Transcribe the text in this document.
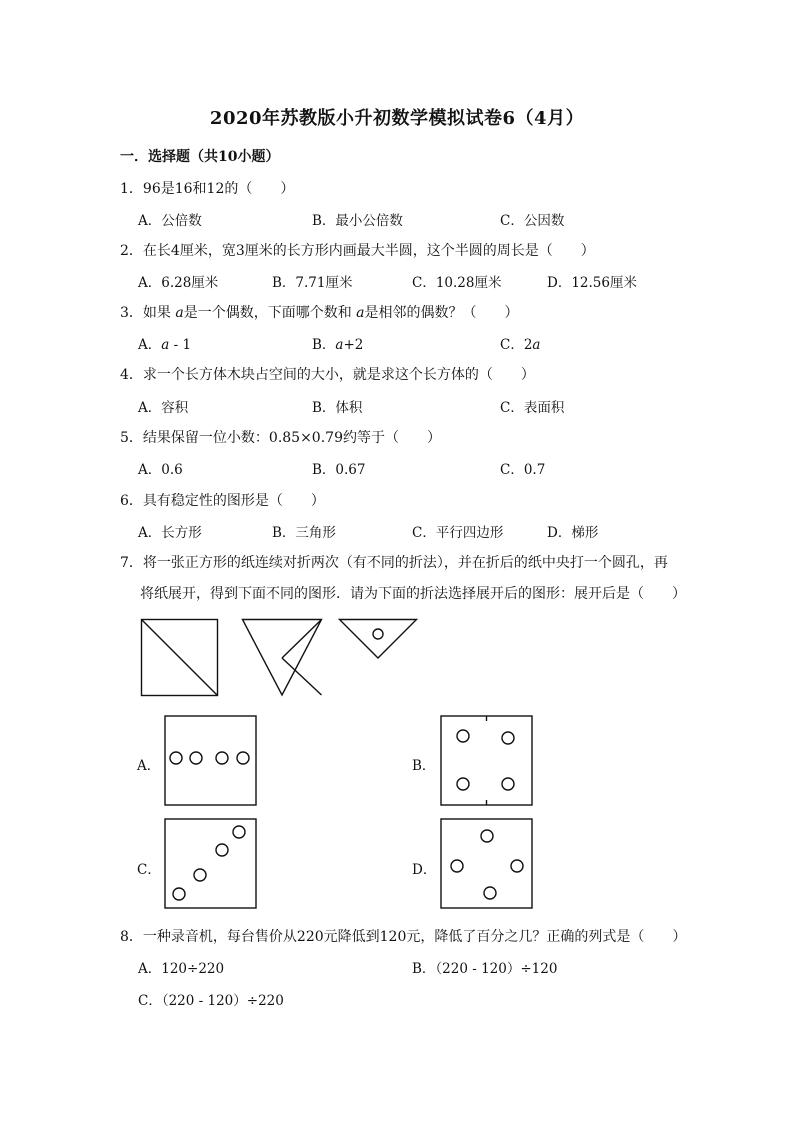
2020年苏教版小升初数学模拟试卷6（4月）
一．选择题（共10小题）
1．96是16和12的（　　）
A．公倍数	B．最小公倍数	C．公因数
2．在长4厘米，宽3厘米的长方形内画最大半圆，这个半圆的周长是（　　）
A．6.28厘米	B．7.71厘米	C．10.28厘米	D．12.56厘米
3．如果 a是一个偶数，下面哪个数和 a是相邻的偶数？（　　）
A．a - 1	B．a+2	C．2a
4．求一个长方体木块占空间的大小，就是求这个长方体的（　　）
A．容积	B．体积	C．表面积
5．结果保留一位小数：0.85×0.79约等于（　　）
A．0.6	B．0.67	C．0.7
6．具有稳定性的图形是（　　）
A．长方形	B．三角形	C．平行四边形	D．梯形
7．将一张正方形的纸连续对折两次（有不同的折法），并在折后的纸中央打一个圆孔，再
将纸展开，得到下面不同的图形．请为下面的折法选择展开后的图形：展开后是（　　）
A．	B．
C．	D．
8．一种录音机，每台售价从220元降低到120元，降低了百分之几？正确的列式是（　　）
A．120÷220	B．（220 - 120）÷120
C．（220 - 120）÷220
